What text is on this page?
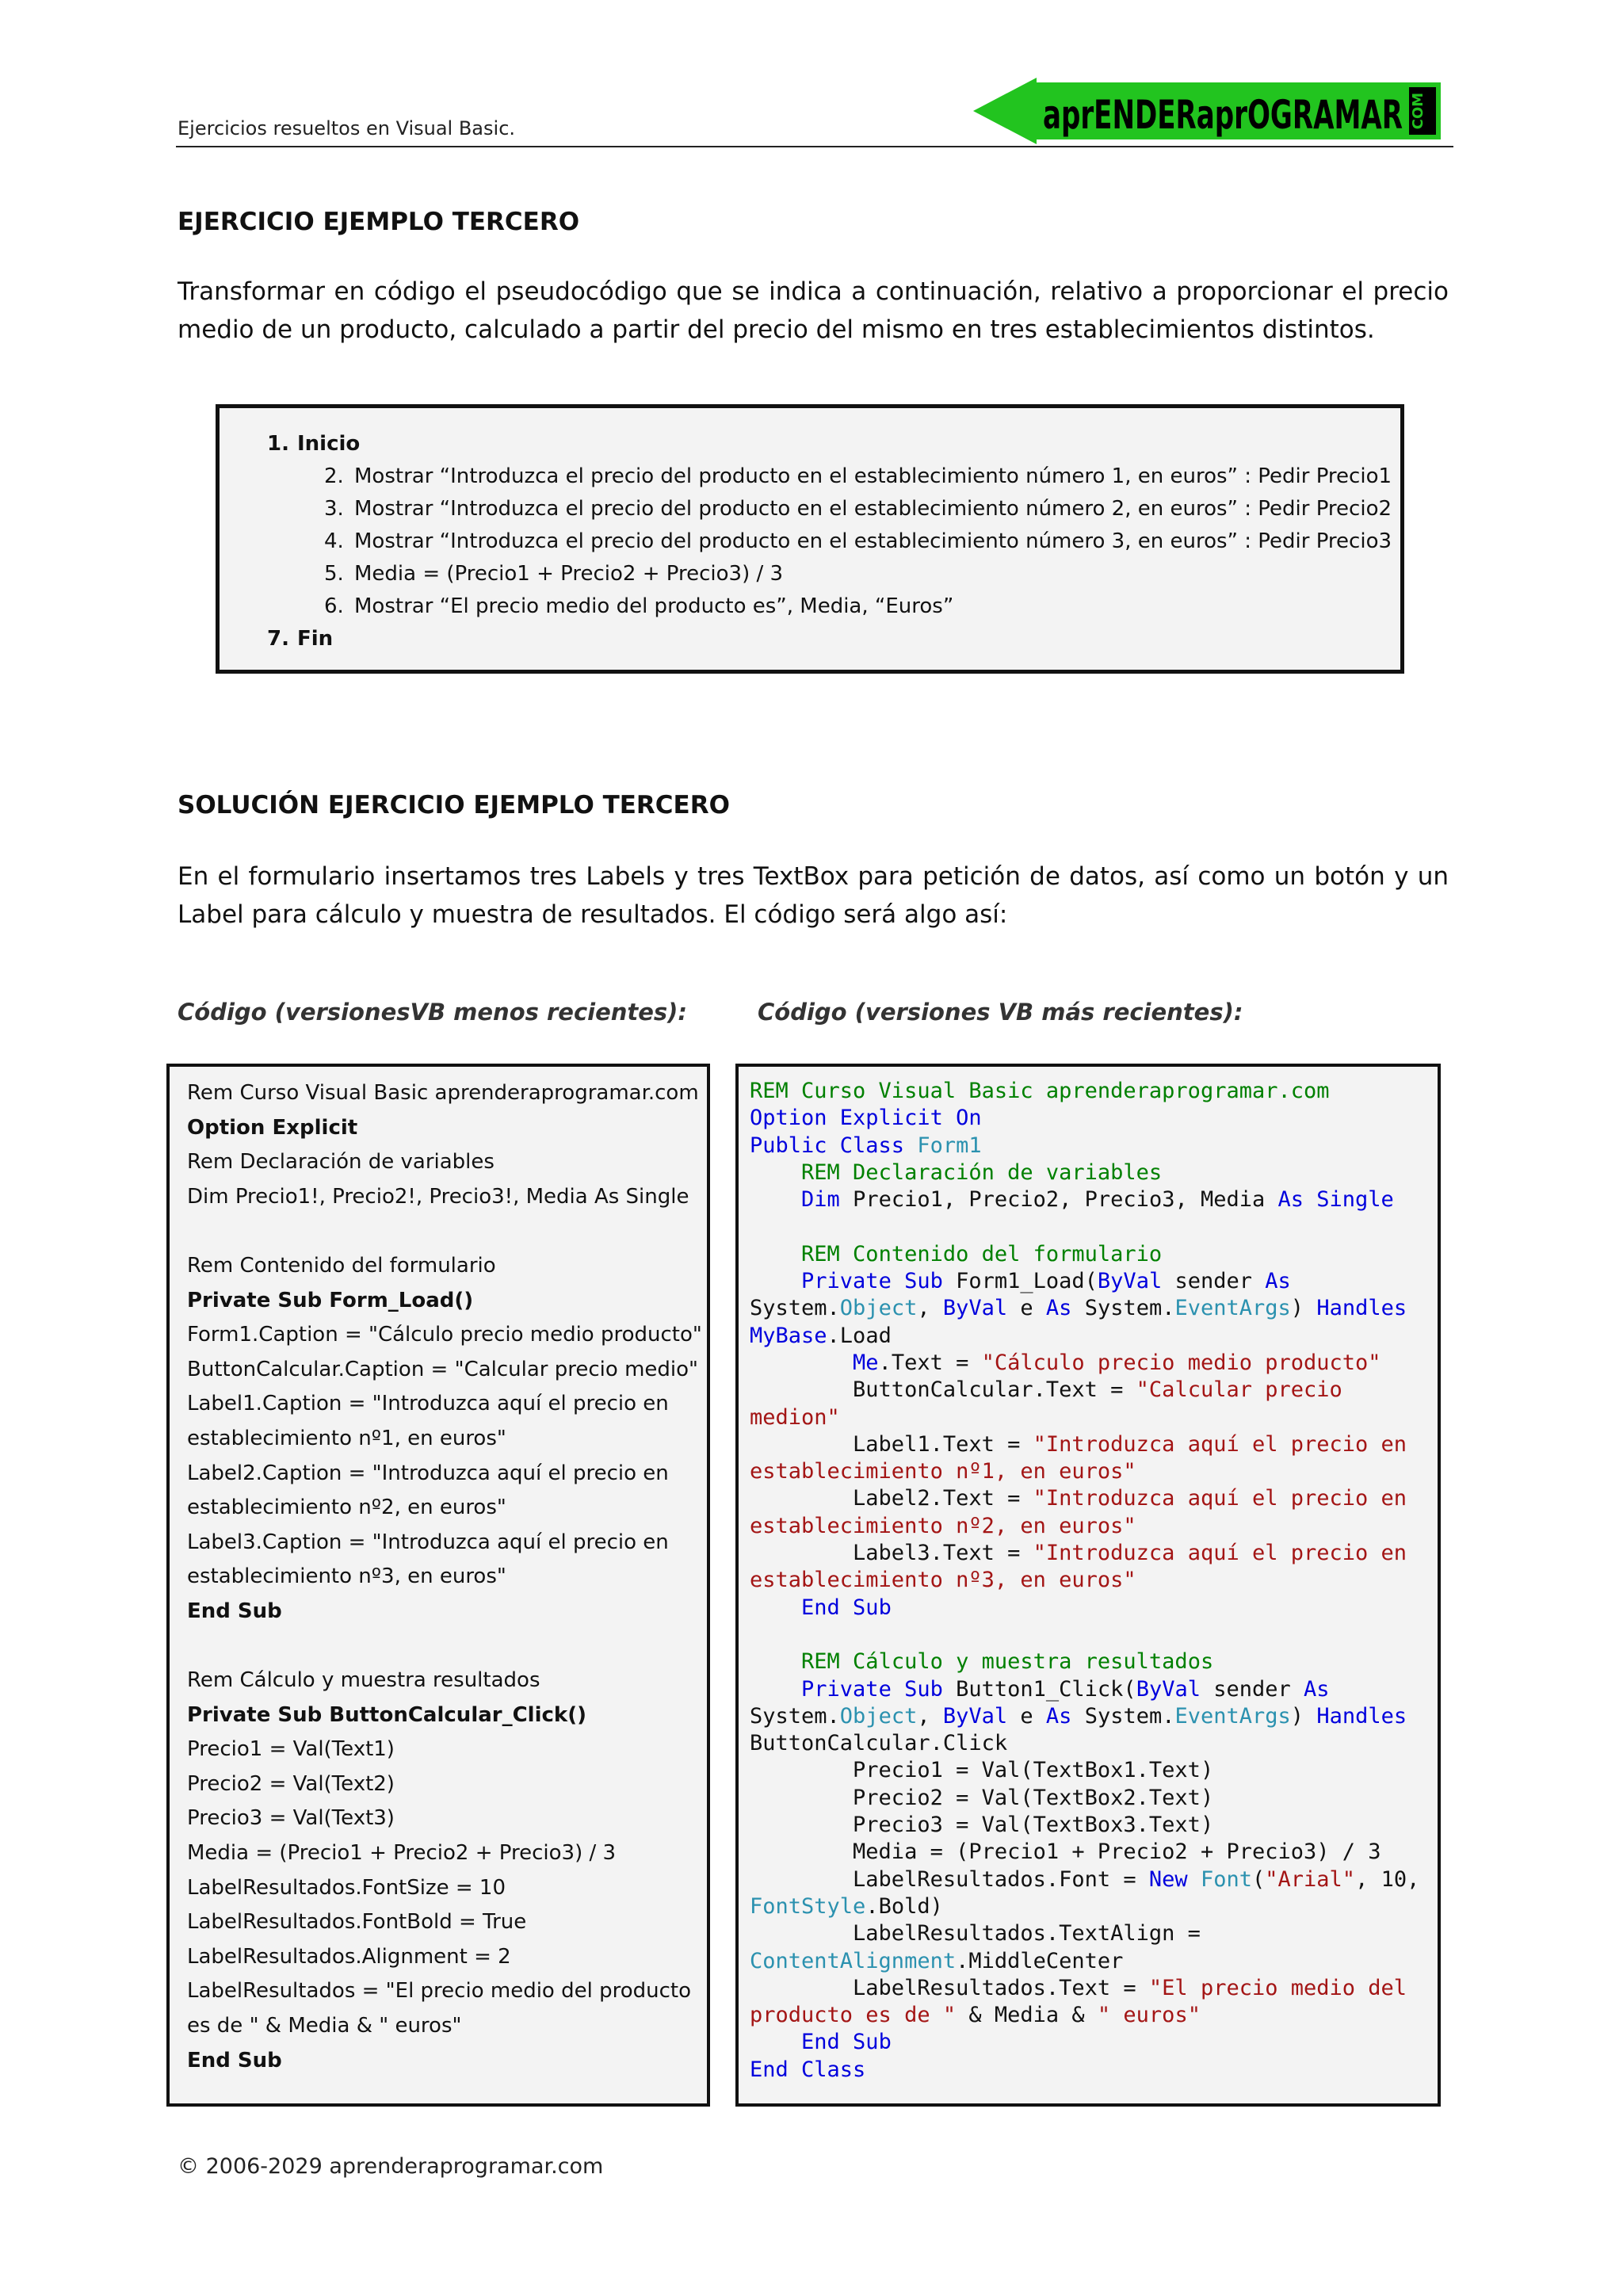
Ejercicios resueltos en Visual Basic.	aprENDERaprOGRAMAR COM
EJERCICIO EJEMPLO TERCERO
Transformar en código el pseudocódigo que se indica a continuación, relativo a proporcionar el precio medio de un producto, calculado a partir del precio del mismo en tres establecimientos distintos.
1. Inicio
2. Mostrar “Introduzca el precio del producto en el establecimiento número 1, en euros” : Pedir Precio1
3. Mostrar “Introduzca el precio del producto en el establecimiento número 2, en euros” : Pedir Precio2
4. Mostrar “Introduzca el precio del producto en el establecimiento número 3, en euros” : Pedir Precio3
5. Media = (Precio1 + Precio2 + Precio3) / 3
6. Mostrar “El precio medio del producto es”, Media, “Euros”
7. Fin
SOLUCIÓN EJERCICIO EJEMPLO TERCERO
En el formulario insertamos tres Labels y tres TextBox para petición de datos, así como un botón y un Label para cálculo y muestra de resultados. El código será algo así:
Código (versionesVB menos recientes):	Código (versiones VB más recientes):
Rem Curso Visual Basic aprenderaprogramar.com
Option Explicit
Rem Declaración de variables
Dim Precio1!, Precio2!, Precio3!, Media As Single

Rem Contenido del formulario
Private Sub Form_Load()
Form1.Caption = "Cálculo precio medio producto"
ButtonCalcular.Caption = "Calcular precio medio"
Label1.Caption = "Introduzca aquí el precio en establecimiento nº1, en euros"
Label2.Caption = "Introduzca aquí el precio en establecimiento nº2, en euros"
Label3.Caption = "Introduzca aquí el precio en establecimiento nº3, en euros"
End Sub

Rem Cálculo y muestra resultados
Private Sub ButtonCalcular_Click()
Precio1 = Val(Text1)
Precio2 = Val(Text2)
Precio3 = Val(Text3)
Media = (Precio1 + Precio2 + Precio3) / 3
LabelResultados.FontSize = 10
LabelResultados.FontBold = True
LabelResultados.Alignment = 2
LabelResultados = "El precio medio del producto es de " & Media & " euros"
End Sub
REM Curso Visual Basic aprenderaprogramar.com
Option Explicit On
Public Class Form1
REM Declaración de variables
Dim Precio1, Precio2, Precio3, Media As Single

REM Contenido del formulario
Private Sub Form1_Load(ByVal sender As
System.Object, ByVal e As System.EventArgs) Handles
MyBase.Load
Me.Text = "Cálculo precio medio producto"
ButtonCalcular.Text = "Calcular precio
medion"
Label1.Text = "Introduzca aquí el precio en
establecimiento nº1, en euros"
Label2.Text = "Introduzca aquí el precio en
establecimiento nº2, en euros"
Label3.Text = "Introduzca aquí el precio en
establecimiento nº3, en euros"
End Sub

REM Cálculo y muestra resultados
Private Sub Button1_Click(ByVal sender As
System.Object, ByVal e As System.EventArgs) Handles
ButtonCalcular.Click
Precio1 = Val(TextBox1.Text)
Precio2 = Val(TextBox2.Text)
Precio3 = Val(TextBox3.Text)
Media = (Precio1 + Precio2 + Precio3) / 3
LabelResultados.Font = New Font("Arial", 10,
FontStyle.Bold)
LabelResultados.TextAlign =
ContentAlignment.MiddleCenter
LabelResultados.Text = "El precio medio del
producto es de " & Media & " euros"
End Sub
End Class
© 2006-2029 aprenderaprogramar.com
